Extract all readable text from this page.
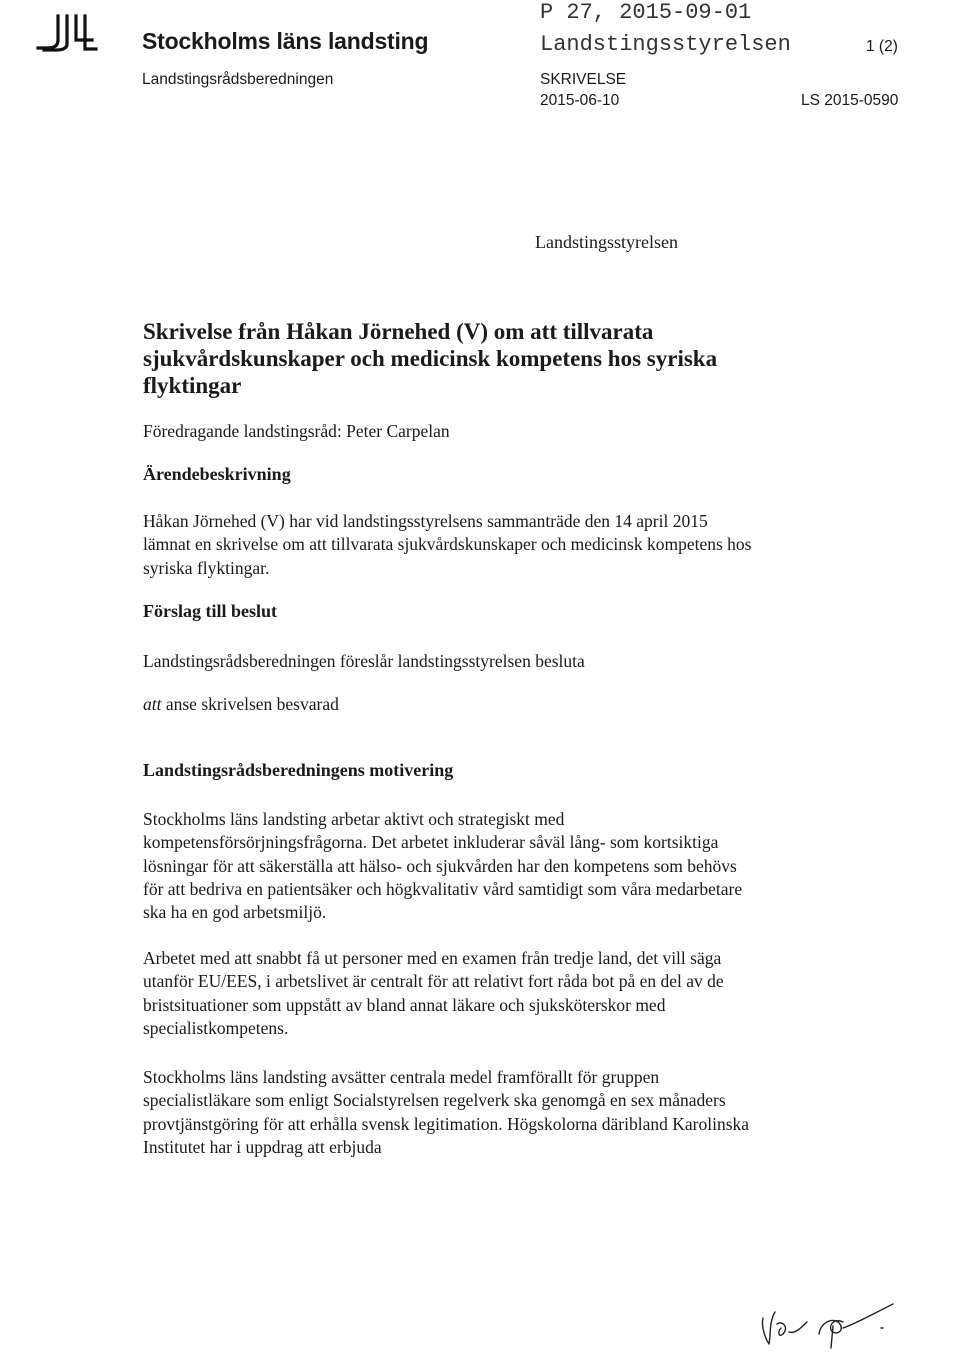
Stockholms läns landsting
Landstingsrådsberedningen
P 27, 2015-09-01
Landstingsstyrelsen	1 (2)
SKRIVELSE
2015-06-10	LS 2015-0590
Landstingsstyrelsen
Skrivelse från Håkan Jörnehed (V) om att tillvarata sjukvårdskunskaper och medicinsk kompetens hos syriska flyktingar
Föredragande landstingsråd: Peter Carpelan
Ärendebeskrivning

Håkan Jörnehed (V) har vid landstingsstyrelsens sammanträde den 14 april 2015 lämnat en skrivelse om att tillvarata sjukvårdskunskaper och medicinsk kompetens hos syriska flyktingar.

Förslag till beslut

Landstingsrådsberedningen föreslår landstingsstyrelsen besluta

att anse skrivelsen besvarad

Landstingsrådsberedningens motivering

Stockholms läns landsting arbetar aktivt och strategiskt med kompetensförsörjningsfrågorna. Det arbetet inkluderar såväl lång- som kortsiktiga lösningar för att säkerställa att hälso- och sjukvården har den kompetens som behövs för att bedriva en patientsäker och högkvalitativ vård samtidigt som våra medarbetare ska ha en god arbetsmiljö.

Arbetet med att snabbt få ut personer med en examen från tredje land, det vill säga utanför EU/EES, i arbetslivet är centralt för att relativt fort råda bot på en del av de bristsituationer som uppstått av bland annat läkare och sjuksköterskor med specialistkompetens.

Stockholms läns landsting avsätter centrala medel framförallt för gruppen specialistläkare som enligt Socialstyrelsen regelverk ska genomgå en sex månaders provtjänstgöring för att erhålla svensk legitimation. Högskolorna däribland Karolinska Institutet har i uppdrag att erbjuda
